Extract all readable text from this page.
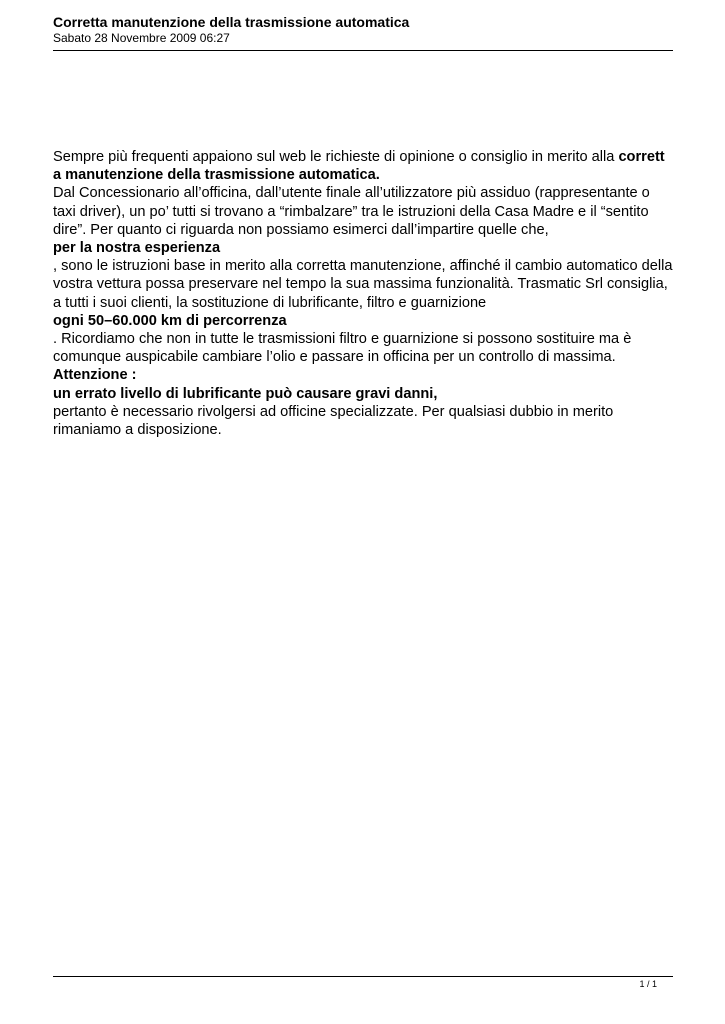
Corretta manutenzione della trasmissione automatica
Sabato 28 Novembre 2009 06:27
Sempre più frequenti appaiono sul web le richieste di opinione o consiglio in merito alla corrett
a manutenzione della trasmissione automatica.
Dal Concessionario all’officina, dall’utente finale all’utilizzatore più assiduo (rappresentante o
taxi driver), un po’ tutti si trovano a “rimbalzare” tra le istruzioni della Casa Madre e il “sentito
dire”. Per quanto ci riguarda non possiamo esimerci dall’impartire quelle che,
per la nostra esperienza
, sono le istruzioni base in merito alla corretta manutenzione, affinché il cambio automatico della
vostra vettura possa preservare nel tempo la sua massima funzionalità. Trasmatic Srl consiglia,
a tutti i suoi clienti, la sostituzione di lubrificante, filtro e guarnizione
ogni 50–60.000 km di percorrenza
. Ricordiamo che non in tutte le trasmissioni filtro e guarnizione si possono sostituire ma è
comunque auspicabile cambiare l’olio e passare in officina per un controllo di massima.
Attenzione :
un errato livello di lubrificante può causare gravi danni,
pertanto è necessario rivolgersi ad officine specializzate. Per qualsiasi dubbio in merito
rimaniamo a disposizione.
1 / 1
